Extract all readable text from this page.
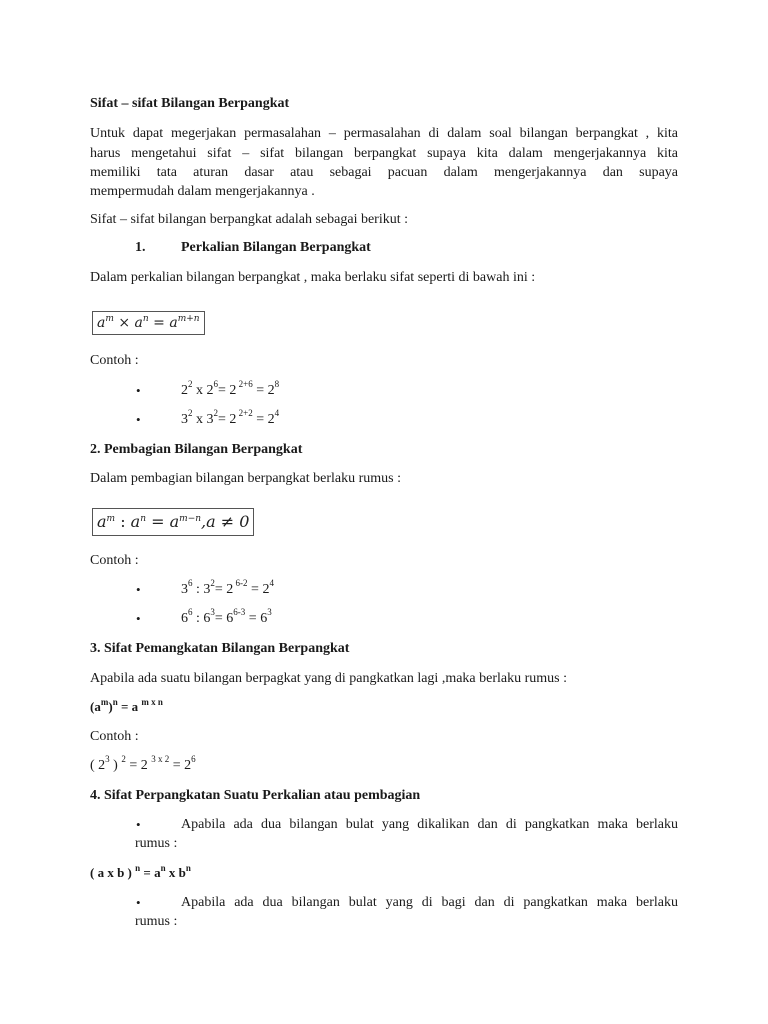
Sifat – sifat Bilangan Berpangkat
Untuk dapat megerjakan permasalahan – permasalahan di dalam soal bilangan berpangkat , kita
harus mengetahui sifat – sifat bilangan berpangkat supaya kita dalam mengerjakannya kita
memiliki tata aturan dasar atau sebagai pacuan dalam mengerjakannya dan supaya
mempermudah dalam mengerjakannya .
Sifat – sifat bilangan berpangkat adalah sebagai berikut :
1.	Perkalian Bilangan Berpangkat
Dalam perkalian bilangan berpangkat , maka berlaku sifat seperti di bawah ini :
$a^m \times a^n = a^{m+n}$
Contoh :
•	$2^2$ x $2^6= 2$ $^{2+6} = 2^8$
•	$3^2$ x $3^2= 2$ $^{2+2} = 2^4$
2. Pembagian Bilangan Berpangkat
Dalam pembagian bilangan berpangkat berlaku rumus :
$a^m$ : $a^n = a^{m-n},a \ne 0$
Contoh :
•	$3^6$ : $3^2= 2$ $^{6-2} = 2^4$
•	$6^6$ : $6^3= 6^{6-3} = 6^3$
3. Sifat Pemangkatan Bilangan Berpangkat
Apabila ada suatu bilangan berpagkat yang di pangkatkan lagi ,maka berlaku rumus :
$(a^m)^n = a$ $^{m x n}$
Contoh :
( $2^3$ ) $^2$ = 2 $^{3 x 2} = 2^6$
4. Sifat Perpangkatan Suatu Perkalian atau pembagian
•	Apabila ada dua bilangan bulat yang dikalikan dan di pangkatkan maka berlaku
rumus :
( a x b ) $^n = a^n$ x $b^n$
•	Apabila ada dua bilangan bulat yang di bagi dan di pangkatkan maka berlaku
rumus :
